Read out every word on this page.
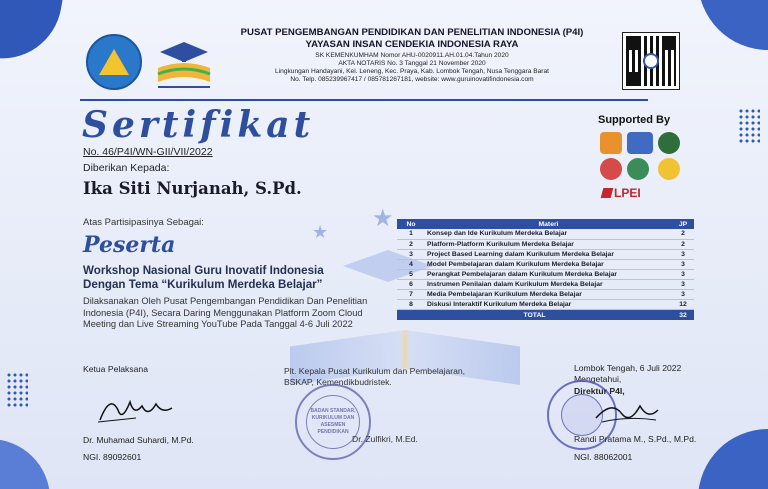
PUSAT PENGEMBANGAN PENDIDIKAN DAN PENELITIAN INDONESIA (P4I)
YAYASAN INSAN CENDEKIA INDONESIA RAYA
SK KEMENKUMHAM Nomor AHU-0020911.AH.01.04.Tahun 2020
AKTA NOTARIS No. 3 Tanggal 21 November 2020
Lingkungan Handayani, Kel. Leneng, Kec. Praya, Kab. Lombok Tengah, Nusa Tenggara Barat
No. Telp. 085239967417 / 085781267181, website: www.guruinovatifindonesia.com
Sertifikat
No. 46/P4I/WN-GII/VII/2022
Diberikan Kepada:
Ika Siti Nurjanah, S.Pd.
Atas Partisipasinya Sebagai:
Peserta
Workshop Nasional Guru Inovatif Indonesia
Dengan Tema “Kurikulum Merdeka Belajar”
Dilaksanakan Oleh Pusat Pengembangan Pendidikan Dan Penelitian Indonesia (P4I), Secara Daring Menggunakan Platform Zoom Cloud Meeting dan Live Streaming YouTube Pada Tanggal 4-6 Juli 2022
★
★
Supported By
LPEI
No	Materi	JP
1	Konsep dan Ide Kurikulum Merdeka Belajar	2
2	Platform-Platform Kurikulum Merdeka Belajar	2
3	Project Based Learning dalam Kurikulum Merdeka Belajar	3
4	Model Pembelajaran dalam Kurikulum Merdeka Belajar	3
5	Perangkat Pembelajaran dalam Kurikulum Merdeka Belajar	3
6	Instrumen Penilaian dalam Kurikulum Merdeka Belajar	3
7	Media Pembelajaran Kurikulum Merdeka Belajar	3
8	Diskusi Interaktif Kurikulum Merdeka Belajar	12
TOTAL		32
Ketua Pelaksana
Dr. Muhamad Suhardi, M.Pd.
NGI. 89092601
Plt. Kepala Pusat Kurikulum dan Pembelajaran, BSKAP, Kemendikbudristek.
BADAN STANDAR, KURIKULUM DAN ASESMEN PENDIDIKAN
Dr. Zulfikri, M.Ed.
Lombok Tengah, 6 Juli 2022
Mengetahui,
Direktur P4I,
Randi Pratama M., S.Pd., M.Pd.
NGI. 88062001
